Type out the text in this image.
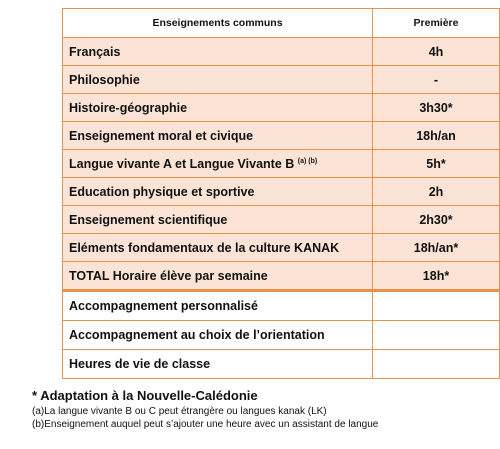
Enseignements communs	Première
Français	4h
Philosophie	-
Histoire-géographie	3h30*
Enseignement moral et civique	18h/an
Langue vivante A et Langue Vivante B $^{(a) (b)}$	5h*
Education physique et sportive	2h
Enseignement scientifique	2h30*
Eléments fondamentaux de la culture KANAK	18h/an*
TOTAL Horaire élève par semaine	18h*
Accompagnement personnalisé	
Accompagnement au choix de l’orientation	
Heures de vie de classe	
* Adaptation à la Nouvelle-Calédonie
(a)La langue vivante B ou C peut étrangère ou langues kanak (LK)
(b)Enseignement auquel peut s’ajouter une heure avec un assistant de langue
